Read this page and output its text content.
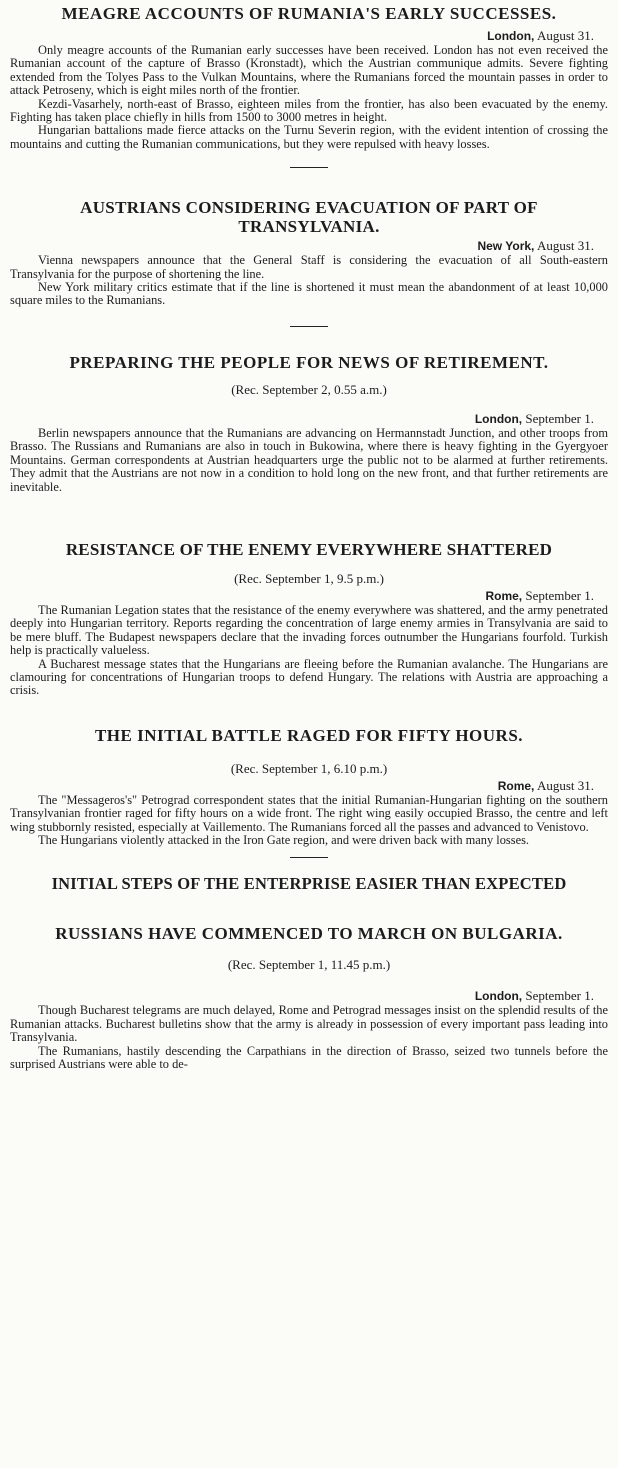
MEAGRE ACCOUNTS OF RUMANIA'S EARLY SUCCESSES.

London, August 31.

Only meagre accounts of the Rumanian early successes have been received. London has not even received the Rumanian account of the capture of Brasso (Kronstadt), which the Austrian communique admits. Severe fighting extended from the Tolyes Pass to the Vulkan Mountains, where the Rumanians forced the mountain passes in order to attack Petroseny, which is eight miles north of the frontier.

Kezdi-Vasarhely, north-east of Brasso, eighteen miles from the frontier, has also been evacuated by the enemy. Fighting has taken place chiefly in hills from 1500 to 3000 metres in height.

Hungarian battalions made fierce attacks on the Turnu Severin region, with the evident intention of crossing the mountains and cutting the Rumanian communications, but they were repulsed with heavy losses.

AUSTRIANS CONSIDERING EVACUATION OF PART OF TRANSYLVANIA.

New York, August 31.

Vienna newspapers announce that the General Staff is considering the evacuation of all South-eastern Transylvania for the purpose of shortening the line.

New York military critics estimate that if the line is shortened it must mean the abandonment of at least 10,000 square miles to the Rumanians.

PREPARING THE PEOPLE FOR NEWS OF RETIREMENT.

(Rec. September 2, 0.55 a.m.)

London, September 1.

Berlin newspapers announce that the Rumanians are advancing on Hermannstadt Junction, and other troops from Brasso. The Russians and Rumanians are also in touch in Bukowina, where there is heavy fighting in the Gyergyoer Mountains. German correspondents at Austrian headquarters urge the public not to be alarmed at further retirements. They admit that the Austrians are not now in a condition to hold long on the new front, and that further retirements are inevitable.

RESISTANCE OF THE ENEMY EVERYWHERE SHATTERED

(Rec. September 1, 9.5 p.m.)

Rome, September 1.

The Rumanian Legation states that the resistance of the enemy everywhere was shattered, and the army penetrated deeply into Hungarian territory. Reports regarding the concentration of large enemy armies in Transylvania are said to be mere bluff. The Budapest newspapers declare that the invading forces outnumber the Hungarians fourfold. Turkish help is practically valueless.

A Bucharest message states that the Hungarians are fleeing before the Rumanian avalanche. The Hungarians are clamouring for concentrations of Hungarian troops to defend Hungary. The relations with Austria are approaching a crisis.

THE INITIAL BATTLE RAGED FOR FIFTY HOURS.

(Rec. September 1, 6.10 p.m.)

Rome, August 31.

The "Messageros's" Petrograd correspondent states that the initial Rumanian-Hungarian fighting on the southern Transylvanian frontier raged for fifty hours on a wide front. The right wing easily occupied Brasso, the centre and left wing stubbornly resisted, especially at Vaillemento. The Rumanians forced all the passes and advanced to Venistovo.

The Hungarians violently attacked in the Iron Gate region, and were driven back with many losses.

INITIAL STEPS OF THE ENTERPRISE EASIER THAN EXPECTED
RUSSIANS HAVE COMMENCED TO MARCH ON BULGARIA.

(Rec. September 1, 11.45 p.m.)

London, September 1.

Though Bucharest telegrams are much delayed, Rome and Petrograd messages insist on the splendid results of the Rumanian attacks. Bucharest bulletins show that the army is already in possession of every important pass leading into Transylvania.

The Rumanians, hastily descending the Carpathians in the direction of Brasso, seized two tunnels before the surprised Austrians were able to de-
